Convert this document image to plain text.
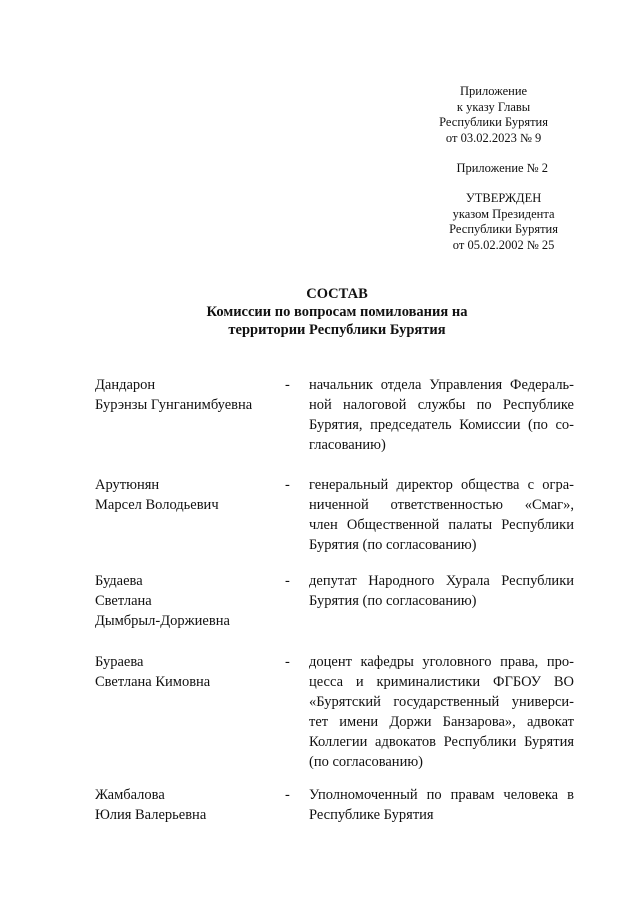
Приложение
к указу Главы
Республики Бурятия
от 03.02.2023 № 9
Приложение № 2
УТВЕРЖДЕН
указом Президента
Республики Бурятия
от 05.02.2002 № 25
СОСТАВ
Комиссии по вопросам помилования на
территории Республики Бурятия
Дандарон
Бурэнзы Гунганимбуевна
-	начальник отдела Управления Федераль-
ной налоговой службы по Республике
Бурятия, председатель Комиссии (по со-
гласованию)
Арутюнян
Марсел Володьевич
-	генеральный директор общества с огра-
ниченной ответственностью «Смаг»,
член Общественной палаты Республики
Бурятия (по согласованию)
Будаева
Светлана
Дымбрыл-Доржиевна
-	депутат Народного Хурала Республики
Бурятия (по согласованию)
Бураева
Светлана Кимовна
-	доцент кафедры уголовного права, про-
цесса и криминалистики ФГБОУ ВО
«Бурятский государственный универси-
тет имени Доржи Банзарова», адвокат
Коллегии адвокатов Республики Бурятия
(по согласованию)
Жамбалова
Юлия Валерьевна
-	Уполномоченный по правам человека в
Республике Бурятия
